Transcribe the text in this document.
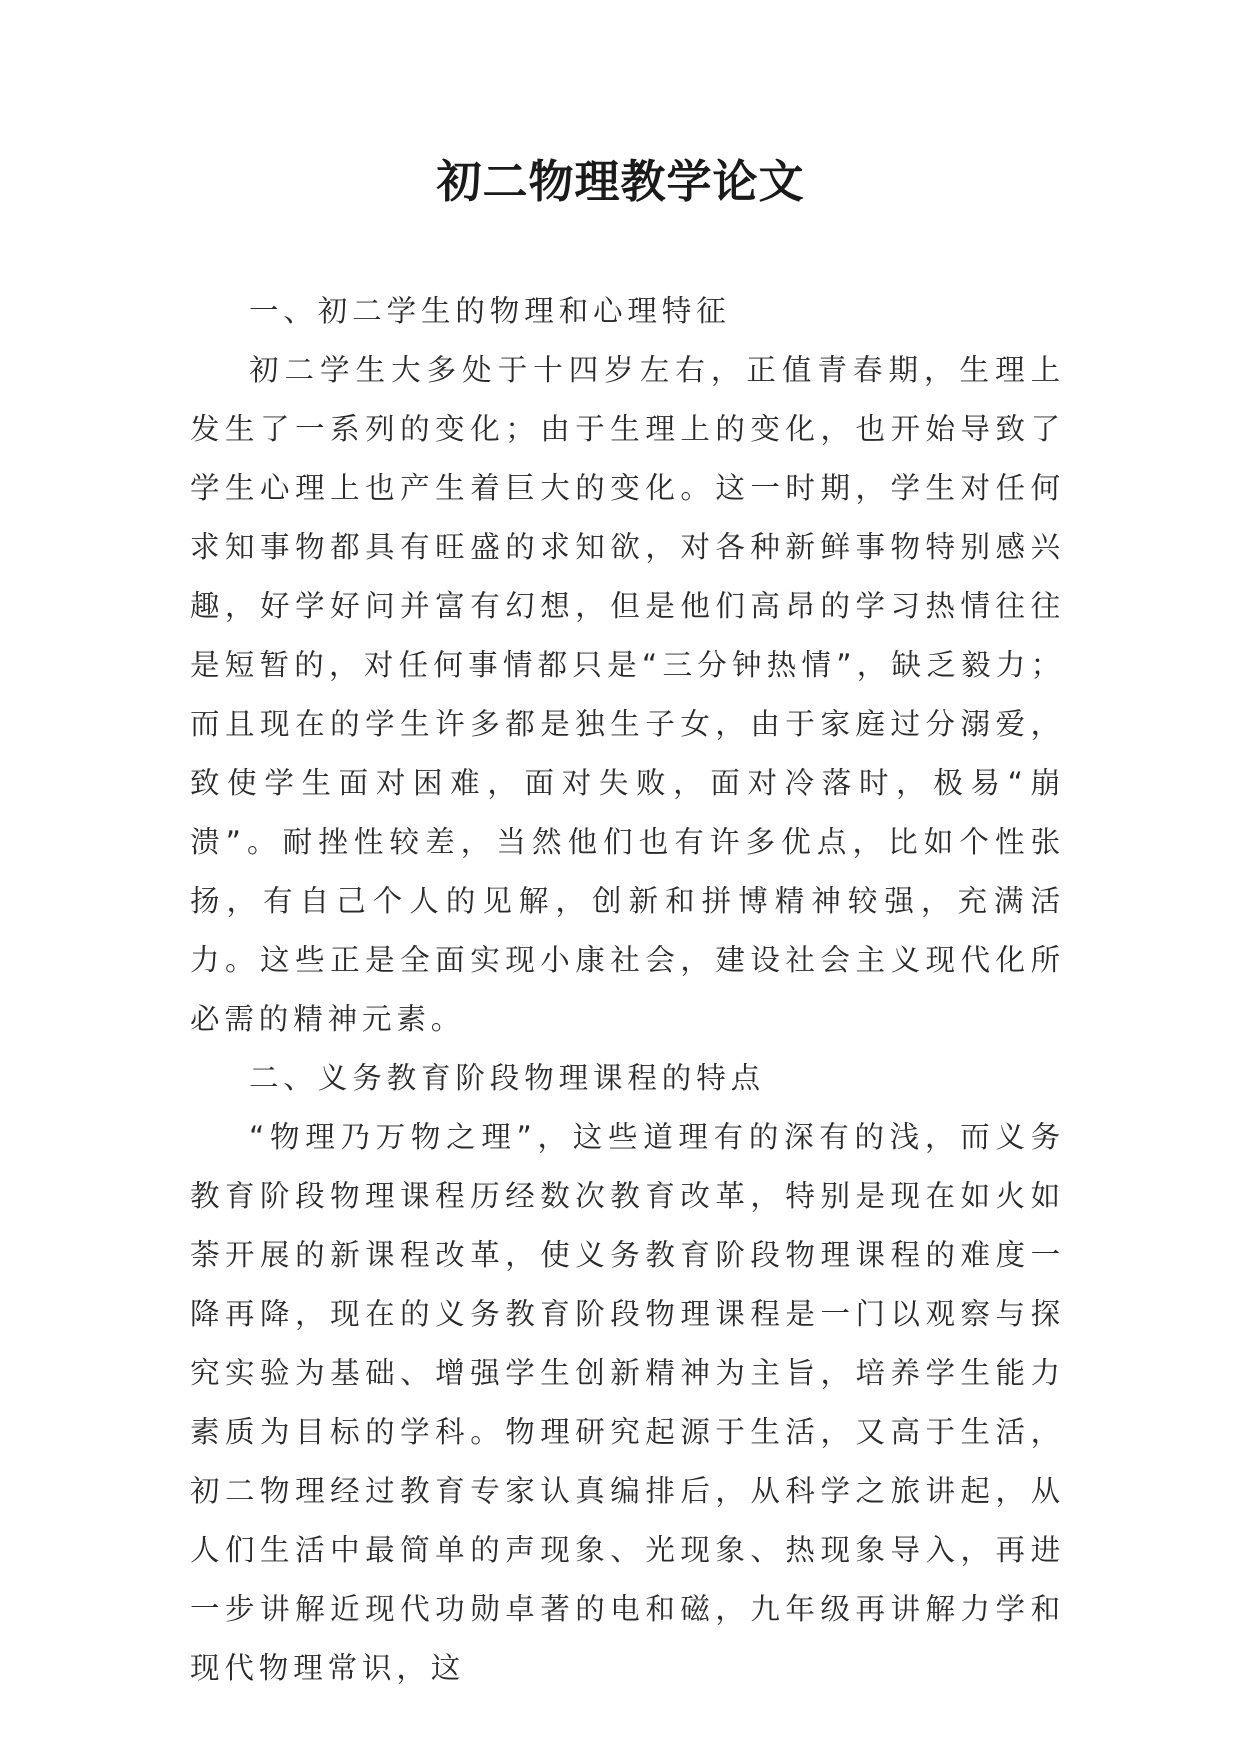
初二物理教学论文

一、初二学生的物理和心理特征

初二学生大多处于十四岁左右，正值青春期，生理上发生了一系列的变化；由于生理上的变化，也开始导致了学生心理上也产生着巨大的变化。这一时期，学生对任何求知事物都具有旺盛的求知欲，对各种新鲜事物特别感兴趣，好学好问并富有幻想，但是他们高昂的学习热情往往是短暂的，对任何事情都只是“三分钟热情”，缺乏毅力；而且现在的学生许多都是独生子女，由于家庭过分溺爱，致使学生面对困难，面对失败，面对冷落时，极易“崩溃”。耐挫性较差，当然他们也有许多优点，比如个性张扬，有自己个人的见解，创新和拼博精神较强，充满活力。这些正是全面实现小康社会，建设社会主义现代化所必需的精神元素。

二、义务教育阶段物理课程的特点

“物理乃万物之理”，这些道理有的深有的浅，而义务教育阶段物理课程历经数次教育改革，特别是现在如火如荼开展的新课程改革，使义务教育阶段物理课程的难度一降再降，现在的义务教育阶段物理课程是一门以观察与探究实验为基础、增强学生创新精神为主旨，培养学生能力素质为目标的学科。物理研究起源于生活，又高于生活，初二物理经过教育专家认真编排后，从科学之旅讲起，从人们生活中最简单的声现象、光现象、热现象导入，再进一步讲解近现代功勋卓著的电和磁，九年级再讲解力学和现代物理常识，这
